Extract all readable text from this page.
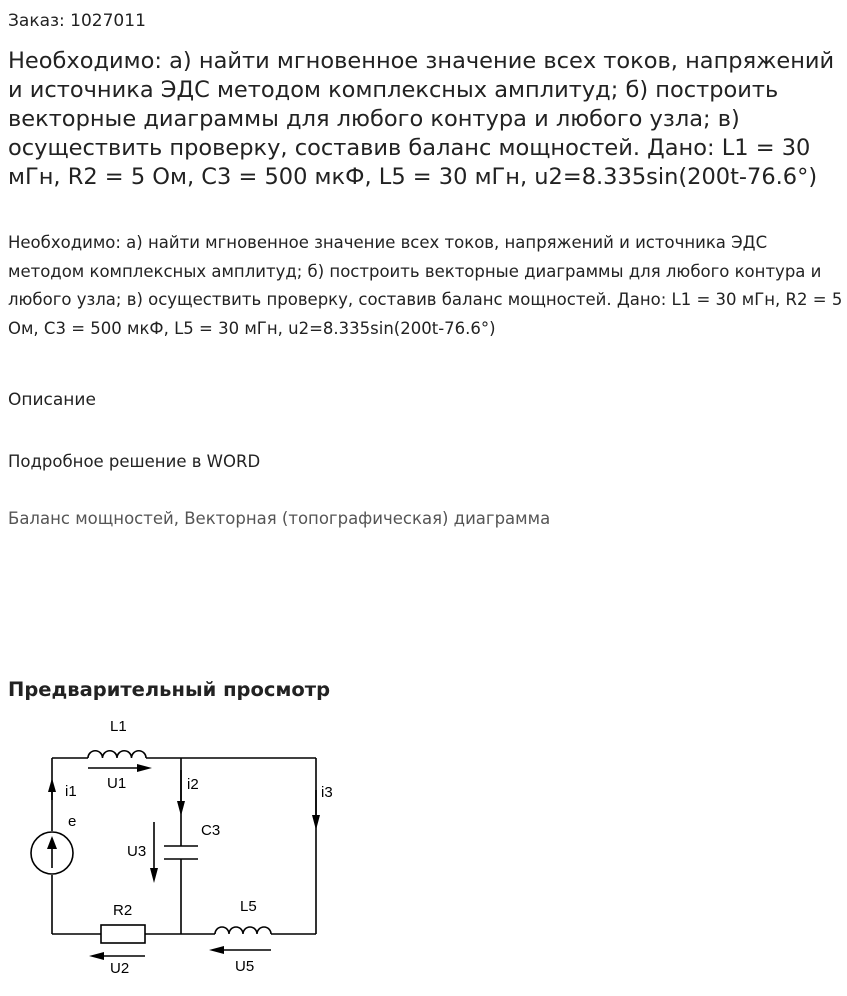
Заказ: 1027011
Необходимо: а) найти мгновенное значение всех токов, напряжений и источника ЭДС методом комплексных амплитуд; б) построить векторные диаграммы для любого контура и любого узла; в) осуществить проверку, составив баланс мощностей. Дано: L1 = 30 мГн, R2 = 5 Ом, C3 = 500 мкФ, L5 = 30 мГн, u2=8.335sin(200t-76.6°)
Необходимо: а) найти мгновенное значение всех токов, напряжений и источника ЭДС методом комплексных амплитуд; б) построить векторные диаграммы для любого контура и любого узла; в) осуществить проверку, составив баланс мощностей. Дано: L1 = 30 мГн, R2 = 5 Ом, C3 = 500 мкФ, L5 = 30 мГн, u2=8.335sin(200t-76.6°)
Описание
Подробное решение в WORD
Баланс мощностей, Векторная (топографическая) диаграмма
Предварительный просмотр
L1
U1
i1
e
i2
C3
U3
i3
R2
U2
L5
U5
